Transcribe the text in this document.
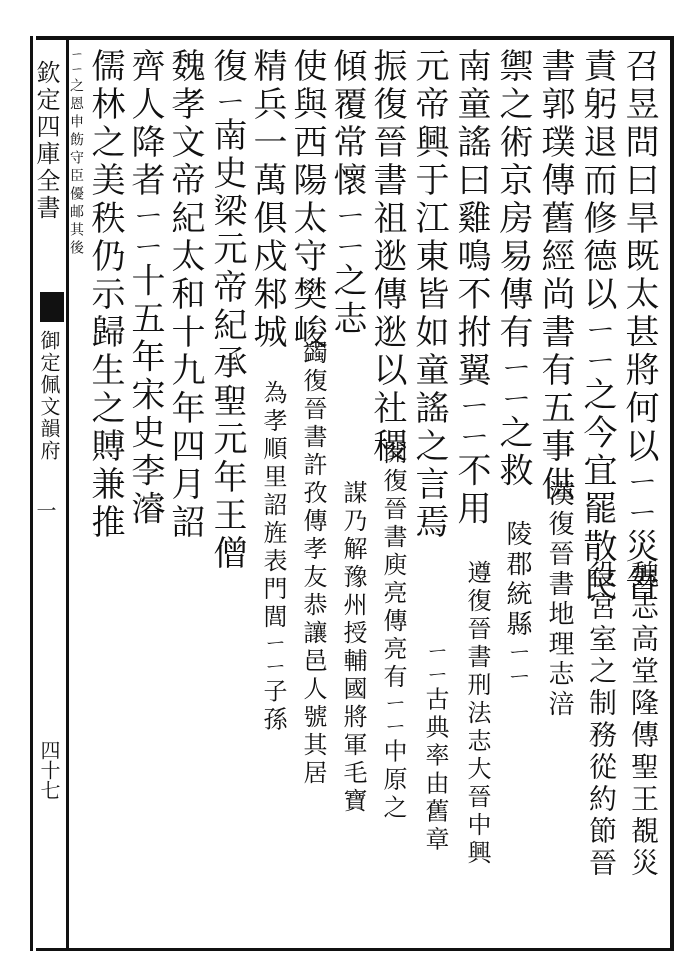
欽定四庫全書
御定佩文韻府
一
四十七
召昱問曰旱既太甚將何以ㄧㄧ災眚
責躬退而修德以ㄧㄧ之今宜罷散民
書郭璞傳舊經尚書有五事供
禦之術京房易傳有ㄧㄧ之救
南童謠曰雞鳴不拊翼ㄧㄧ不用
元帝興于江東皆如童謠之言焉
振復晉書祖逖傳逖以社稷
傾覆常懷ㄧㄧ之志
使與西陽太守樊峻
精兵一萬俱戍邾城
復ㄧ南史梁元帝紀承聖元年王僧
魏孝文帝紀太和十九年四月詔
齊人降者ㄧㄧ十五年宋史李濬
儒林之美秩仍示歸生之賻兼推
ㄧㄧ之恩申飭守臣優邮其後
魏志高堂隆傳聖王覩災
役宮室之制務從約節晉
漢復晉書地理志涪
陵郡統縣ㄧㄧ
遵復晉書刑法志大晉中興
ㄧㄧ古典率由舊章
開復晉書庾亮傳亮有ㄧㄧ中原之
謀乃解豫州授輔國將軍毛寶
蠲復晉書許孜傳孝友恭讓邑人號其居
為孝順里詔旌表門閭ㄧㄧ子孫
